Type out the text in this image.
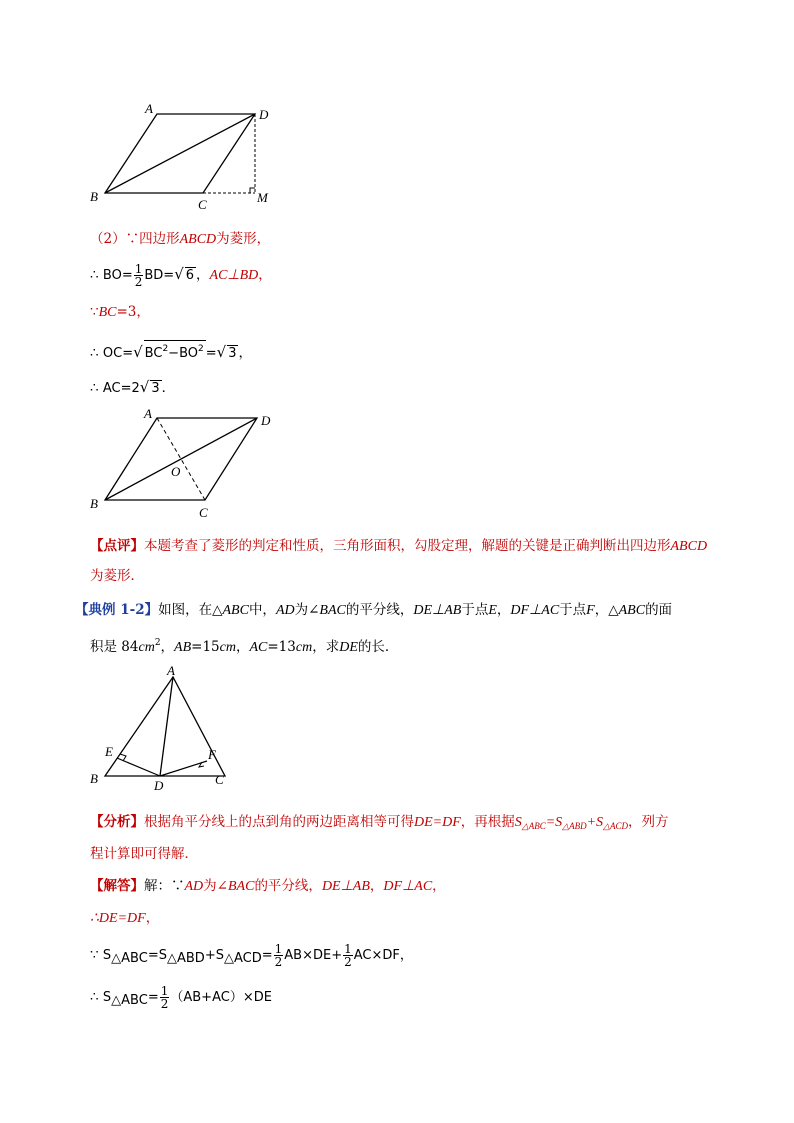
A	D
B
C	M
（2）∵四边形ABCD为菱形，
∴ $BO= \frac{1}{2} BD=√$ 6 ，AC⊥BD，
∵BC=3，
∴ OC=√ $BC^2-BO^2$ =√ 3 ，
∴ AC=2√ 3 ．
A	D
O
B
C
【点评】本题考查了菱形的判定和性质，三角形面积，勾股定理，解题的关键是正确判断出四边形ABCD
为菱形．
【典例 1-2】如图，在△ABC中，AD为∠BAC的平分线，DE⊥AB于点E，DF⊥AC于点F，△ABC的面
积是 $84cm^2$，AB=15cm，AC=13cm，求DE的长．
A
E	F
B	D	C
【分析】根据角平分线上的点到角的两边距离相等可得DE=DF，再根据$S_{\triangle ABC}=S_{\triangle ABD}+S_{\triangle ACD}$，列方
程计算即可得解．
【解答】解：∵AD为∠BAC的平分线，DE⊥AB，DF⊥AC，
∴DE=DF，
∵ S△ABC=S△ABD+S△ACD= $\frac{1}{2} AB\times DE+ \frac{1}{2} AC\times DF$，
∴ S△ABC= $\frac{1}{2} (AB+AC)\times DE$
